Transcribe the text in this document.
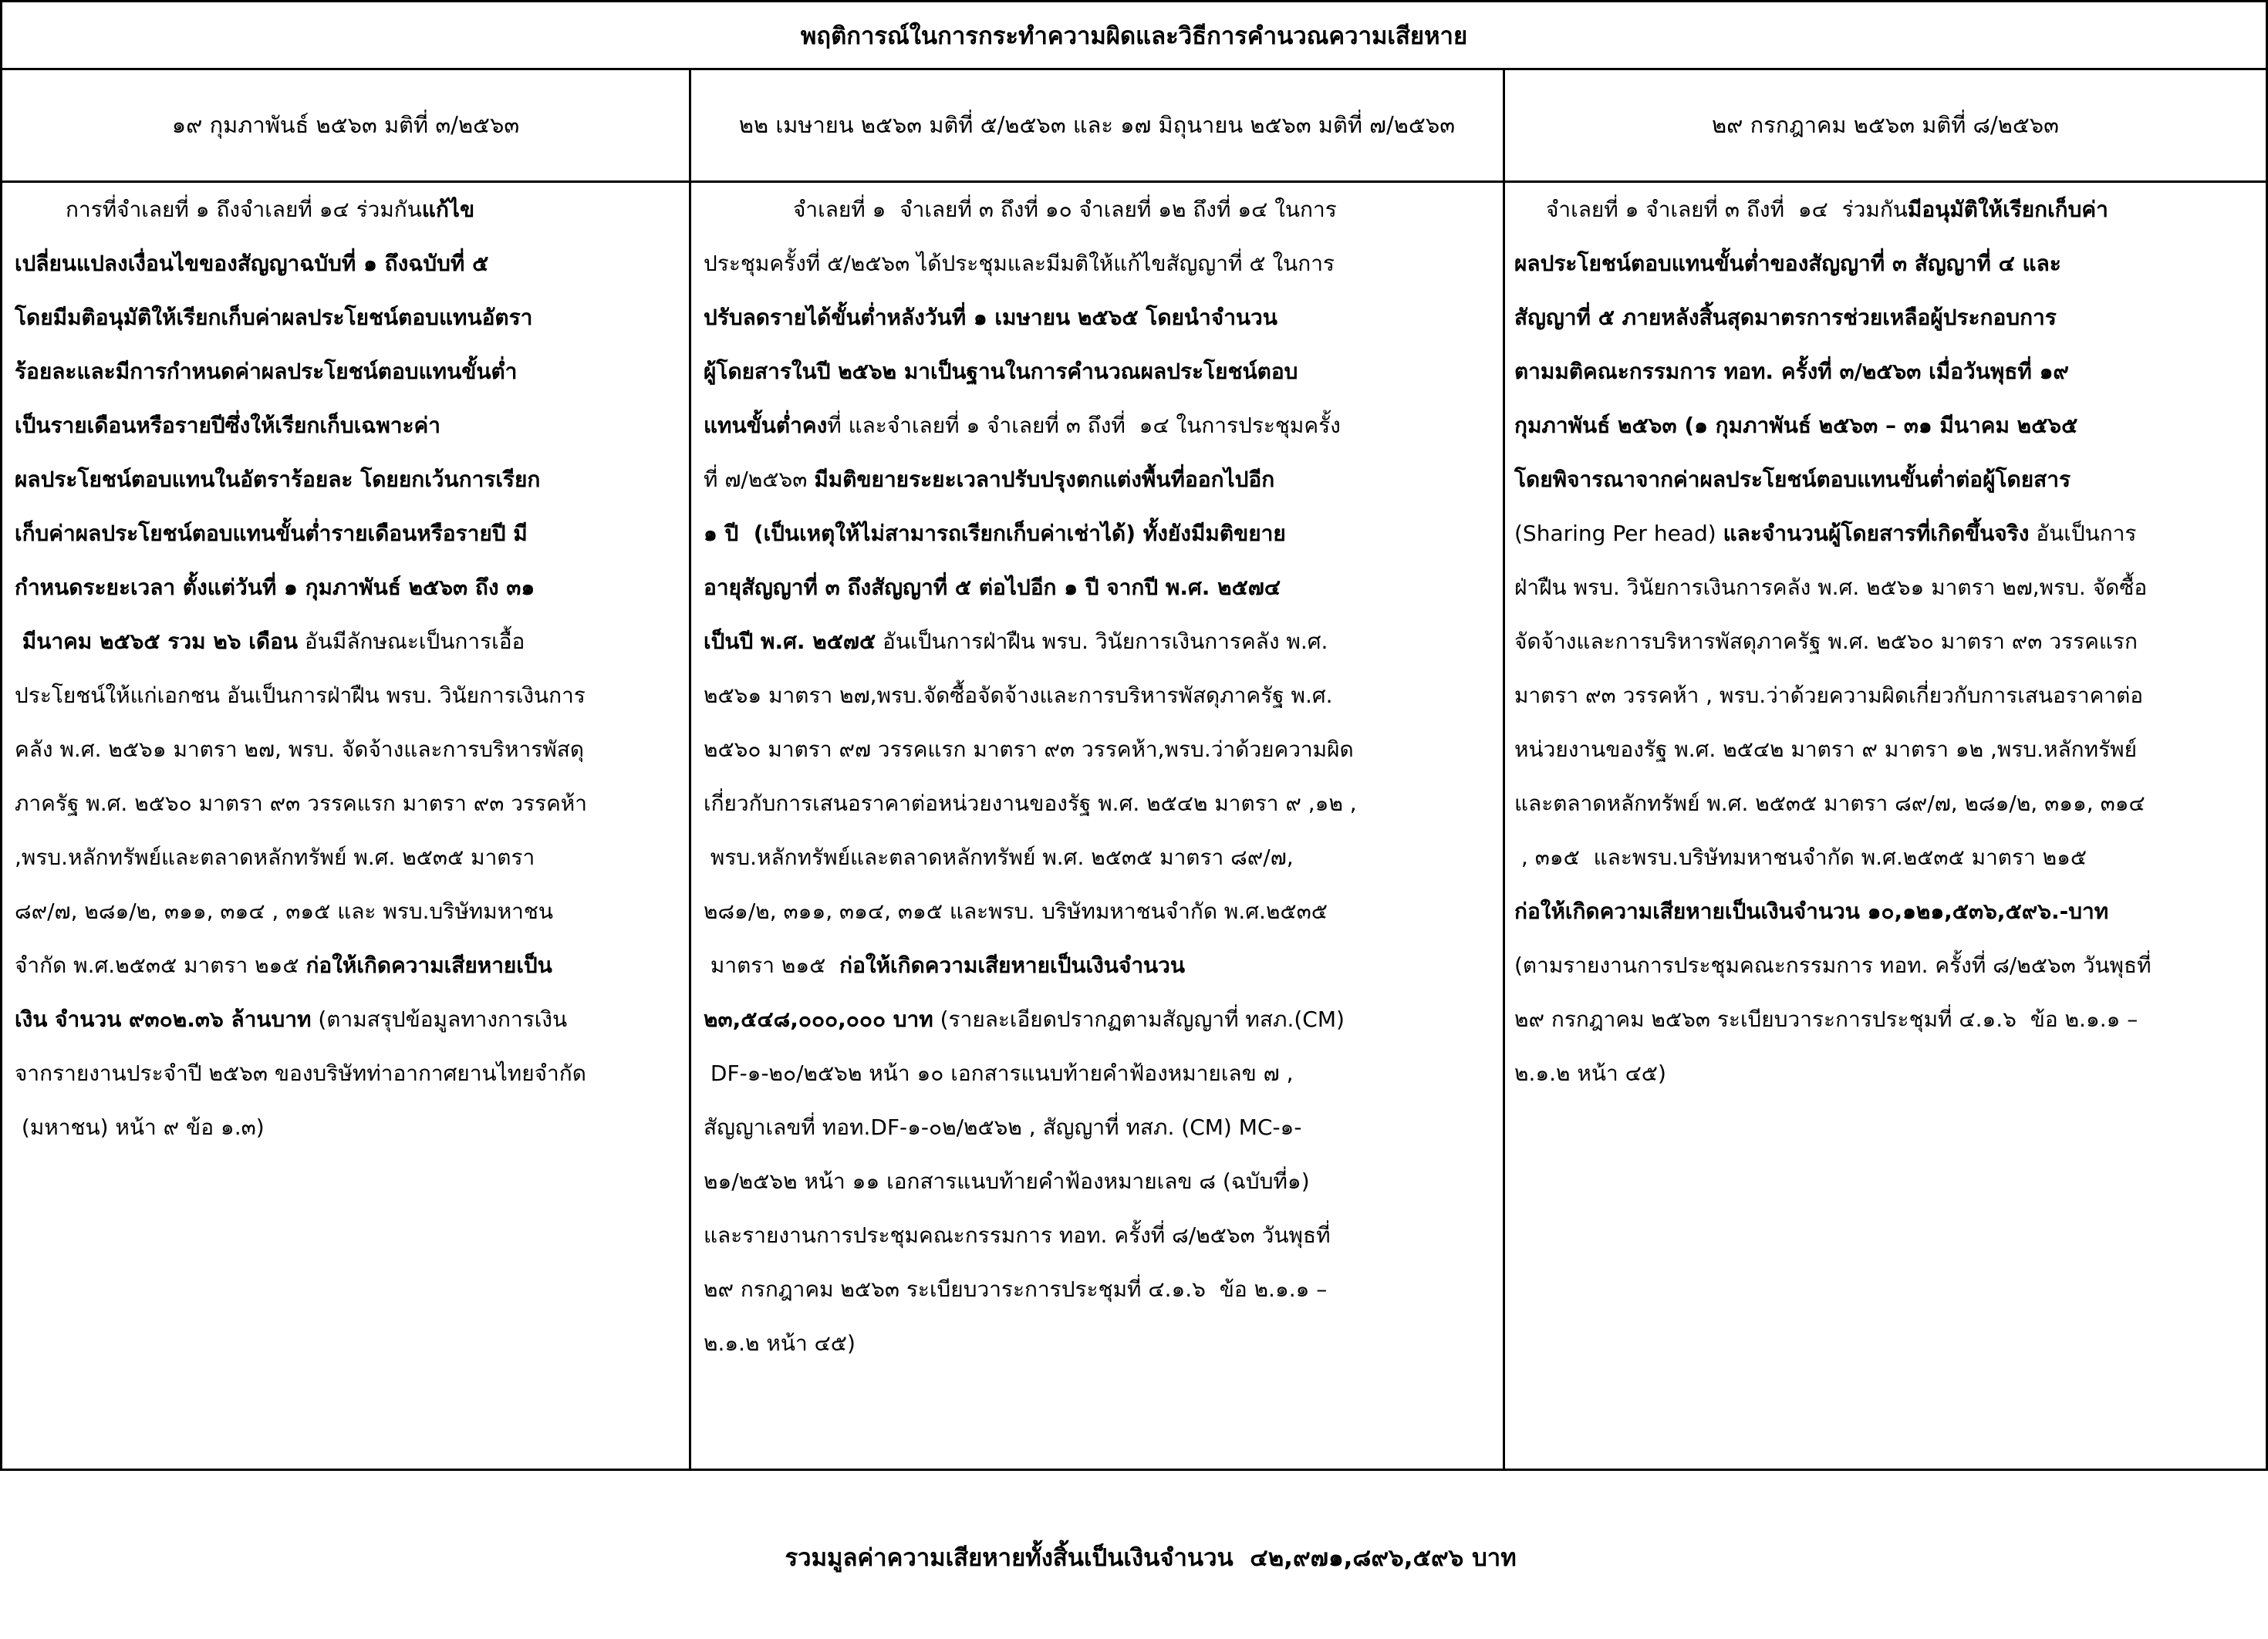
พฤติการณ์ในการกระทำความผิดและวิธีการคำนวณความเสียหาย
๑๙ กุมภาพันธ์ ๒๕๖๓ มติที่ ๓/๒๕๖๓	๒๒ เมษายน ๒๕๖๓ มติที่ ๕/๒๕๖๓ และ ๑๗ มิถุนายน ๒๕๖๓ มติที่ ๗/๒๕๖๓	๒๙ กรกฎาคม ๒๕๖๓ มติที่ ๘/๒๕๖๓
การที่จำเลยที่ ๑ ถึงจำเลยที่ ๑๔ ร่วมกันแก้ไข
เปลี่ยนแปลงเงื่อนไขของสัญญาฉบับที่ ๑ ถึงฉบับที่ ๕
โดยมีมติอนุมัติให้เรียกเก็บค่าผลประโยชน์ตอบแทนอัตรา
ร้อยละและมีการกำหนดค่าผลประโยชน์ตอบแทนขั้นต่ำ
เป็นรายเดือนหรือรายปีซึ่งให้เรียกเก็บเฉพาะค่า
ผลประโยชน์ตอบแทนในอัตราร้อยละ โดยยกเว้นการเรียก
เก็บค่าผลประโยชน์ตอบแทนขั้นต่ำรายเดือนหรือรายปี มี
กำหนดระยะเวลา ตั้งแต่วันที่ ๑ กุมภาพันธ์ ๒๕๖๓ ถึง ๓๑
มีนาคม ๒๕๖๕ รวม ๒๖ เดือน อันมีลักษณะเป็นการเอื้อ
ประโยชน์ให้แก่เอกชน อันเป็นการฝ่าฝืน พรบ. วินัยการเงินการ
คลัง พ.ศ. ๒๕๖๑ มาตรา ๒๗, พรบ. จัดจ้างและการบริหารพัสดุ
ภาครัฐ พ.ศ. ๒๕๖๐ มาตรา ๙๓ วรรคแรก มาตรา ๙๓ วรรคห้า
,พรบ.หลักทรัพย์และตลาดหลักทรัพย์ พ.ศ. ๒๕๓๕ มาตรา
๘๙/๗, ๒๘๑/๒, ๓๑๑, ๓๑๔ , ๓๑๕ และ พรบ.บริษัทมหาชน
จำกัด พ.ศ.๒๕๓๕ มาตรา ๒๑๕ ก่อให้เกิดความเสียหายเป็น
เงิน จำนวน ๙๓๐๒.๓๖ ล้านบาท (ตามสรุปข้อมูลทางการเงิน
จากรายงานประจำปี ๒๕๖๓ ของบริษัทท่าอากาศยานไทยจำกัด
(มหาชน) หน้า ๙ ข้อ ๑.๓)
จำเลยที่ ๑  จำเลยที่ ๓ ถึงที่ ๑๐ จำเลยที่ ๑๒ ถึงที่ ๑๔ ในการ
ประชุมครั้งที่ ๕/๒๕๖๓ ได้ประชุมและมีมติให้แก้ไขสัญญาที่ ๕ ในการ
ปรับลดรายได้ขั้นต่ำหลังวันที่ ๑ เมษายน ๒๕๖๕ โดยนำจำนวน
ผู้โดยสารในปี ๒๕๖๒ มาเป็นฐานในการคำนวณผลประโยชน์ตอบ
แทนขั้นต่ำคงที่ และจำเลยที่ ๑ จำเลยที่ ๓ ถึงที่  ๑๔ ในการประชุมครั้ง
ที่ ๗/๒๕๖๓ มีมติขยายระยะเวลาปรับปรุงตกแต่งพื้นที่ออกไปอีก
๑ ปี  (เป็นเหตุให้ไม่สามารถเรียกเก็บค่าเช่าได้) ทั้งยังมีมติขยาย
อายุสัญญาที่ ๓ ถึงสัญญาที่ ๕ ต่อไปอีก ๑ ปี จากปี พ.ศ. ๒๕๗๔
เป็นปี พ.ศ. ๒๕๗๕ อันเป็นการฝ่าฝืน พรบ. วินัยการเงินการคลัง พ.ศ.
๒๕๖๑ มาตรา ๒๗,พรบ.จัดซื้อจัดจ้างและการบริหารพัสดุภาครัฐ พ.ศ.
๒๕๖๐ มาตรา ๙๗ วรรคแรก มาตรา ๙๓ วรรคห้า,พรบ.ว่าด้วยความผิด
เกี่ยวกับการเสนอราคาต่อหน่วยงานของรัฐ พ.ศ. ๒๕๔๒ มาตรา ๙ ,๑๒ ,
พรบ.หลักทรัพย์และตลาดหลักทรัพย์ พ.ศ. ๒๕๓๕ มาตรา ๘๙/๗,
๒๘๑/๒, ๓๑๑, ๓๑๔, ๓๑๕ และพรบ. บริษัทมหาชนจำกัด พ.ศ.๒๕๓๕
มาตรา ๒๑๕  ก่อให้เกิดความเสียหายเป็นเงินจำนวน
๒๓,๕๔๘,๐๐๐,๐๐๐ บาท (รายละเอียดปรากฏตามสัญญาที่ ทสภ.(CM)
DF-๑-๒๐/๒๕๖๒ หน้า ๑๐ เอกสารแนบท้ายคำฟ้องหมายเลข ๗ ,
สัญญาเลขที่ ทอท.DF-๑-๐๒/๒๕๖๒ , สัญญาที่ ทสภ. (CM) MC-๑-
๒๑/๒๕๖๒ หน้า ๑๑ เอกสารแนบท้ายคำฟ้องหมายเลข ๘ (ฉบับที่๑)
และรายงานการประชุมคณะกรรมการ ทอท. ครั้งที่ ๘/๒๕๖๓ วันพุธที่
๒๙ กรกฎาคม ๒๕๖๓ ระเบียบวาระการประชุมที่ ๔.๑.๖  ข้อ ๒.๑.๑ –
๒.๑.๒ หน้า ๔๕)
จำเลยที่ ๑ จำเลยที่ ๓ ถึงที่  ๑๔  ร่วมกันมีอนุมัติให้เรียกเก็บค่า
ผลประโยชน์ตอบแทนขั้นต่ำของสัญญาที่ ๓ สัญญาที่ ๔ และ
สัญญาที่ ๕ ภายหลังสิ้นสุดมาตรการช่วยเหลือผู้ประกอบการ
ตามมติคณะกรรมการ ทอท. ครั้งที่ ๓/๒๕๖๓ เมื่อวันพุธที่ ๑๙
กุมภาพันธ์ ๒๕๖๓ (๑ กุมภาพันธ์ ๒๕๖๓ – ๓๑ มีนาคม ๒๕๖๕
โดยพิจารณาจากค่าผลประโยชน์ตอบแทนขั้นต่ำต่อผู้โดยสาร
(Sharing Per head) และจำนวนผู้โดยสารที่เกิดขึ้นจริง อันเป็นการ
ฝ่าฝืน พรบ. วินัยการเงินการคลัง พ.ศ. ๒๕๖๑ มาตรา ๒๗,พรบ. จัดซื้อ
จัดจ้างและการบริหารพัสดุภาครัฐ พ.ศ. ๒๕๖๐ มาตรา ๙๓ วรรคแรก
มาตรา ๙๓ วรรคห้า , พรบ.ว่าด้วยความผิดเกี่ยวกับการเสนอราคาต่อ
หน่วยงานของรัฐ พ.ศ. ๒๕๔๒ มาตรา ๙ มาตรา ๑๒ ,พรบ.หลักทรัพย์
และตลาดหลักทรัพย์ พ.ศ. ๒๕๓๕ มาตรา ๘๙/๗, ๒๘๑/๒, ๓๑๑, ๓๑๔
, ๓๑๕  และพรบ.บริษัทมหาชนจำกัด พ.ศ.๒๕๓๕ มาตรา ๒๑๕
ก่อให้เกิดความเสียหายเป็นเงินจำนวน ๑๐,๑๒๑,๕๓๖,๕๙๖.-บาท
(ตามรายงานการประชุมคณะกรรมการ ทอท. ครั้งที่ ๘/๒๕๖๓ วันพุธที่
๒๙ กรกฎาคม ๒๕๖๓ ระเบียบวาระการประชุมที่ ๔.๑.๖  ข้อ ๒.๑.๑ –
๒.๑.๒ หน้า ๔๕)

รวมมูลค่าความเสียหายทั้งสิ้นเป็นเงินจำนวน  ๔๒,๙๗๑,๘๙๖,๕๙๖ บาท
